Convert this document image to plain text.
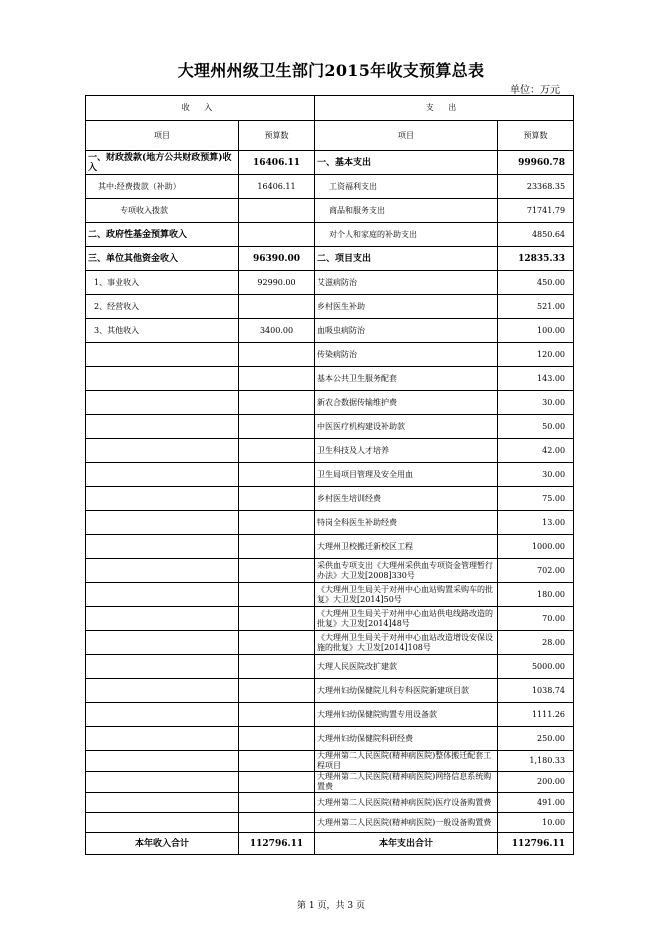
大理州州级卫生部门2015年收支预算总表
单位：万元
收 入		支 出	
项目	预算数	项目	预算数
一、财政拨款(地方公共财政预算)收入	16406.11	一、基本支出	99960.78
其中:经费拨款（补助）	16406.11	工资福利支出	23368.35
专项收入拨款		商品和服务支出	71741.79
二、政府性基金预算收入		对个人和家庭的补助支出	4850.64
三、单位其他资金收入	96390.00	二、项目支出	12835.33
1、事业收入	92990.00	艾滋病防治	450.00
2、经营收入		乡村医生补助	521.00
3、其他收入	3400.00	血吸虫病防治	100.00
		传染病防治	120.00
		基本公共卫生服务配套	143.00
		新农合数据传输维护费	30.00
		中医医疗机构建设补助款	50.00
		卫生科技及人才培养	42.00
		卫生局项目管理及安全用血	30.00
		乡村医生培训经费	75.00
		特岗全科医生补助经费	13.00
		大理州卫校搬迁新校区工程	1000.00
		采供血专项支出《大理州采供血专项资金管理暂行办法》大卫发[2008]330号	702.00
		《大理州卫生局关于对州中心血站购置采购车的批复》大卫发[2014]50号	180.00
		《大理州卫生局关于对州中心血站供电线路改造的批复》大卫发[2014]48号	70.00
		《大理州卫生局关于对州中心血站改造增设安保设施的批复》大卫发[2014]108号	28.00
		大理人民医院改扩建款	5000.00
		大理州妇幼保健院儿科专科医院新建项目款	1038.74
		大理州妇幼保健院购置专用设备款	1111.26
		大理州妇幼保健院科研经费	250.00
		大理州第二人民医院(精神病医院)整体搬迁配套工程项目	1,180.33
		大理州第二人民医院(精神病医院)网络信息系统购置费	200.00
		大理州第二人民医院(精神病医院)医疗设备购置费	491.00
		大理州第二人民医院(精神病医院)一般设备购置费	10.00
本年收入合计	112796.11	本年支出合计	112796.11
第 1 页，共 3 页
